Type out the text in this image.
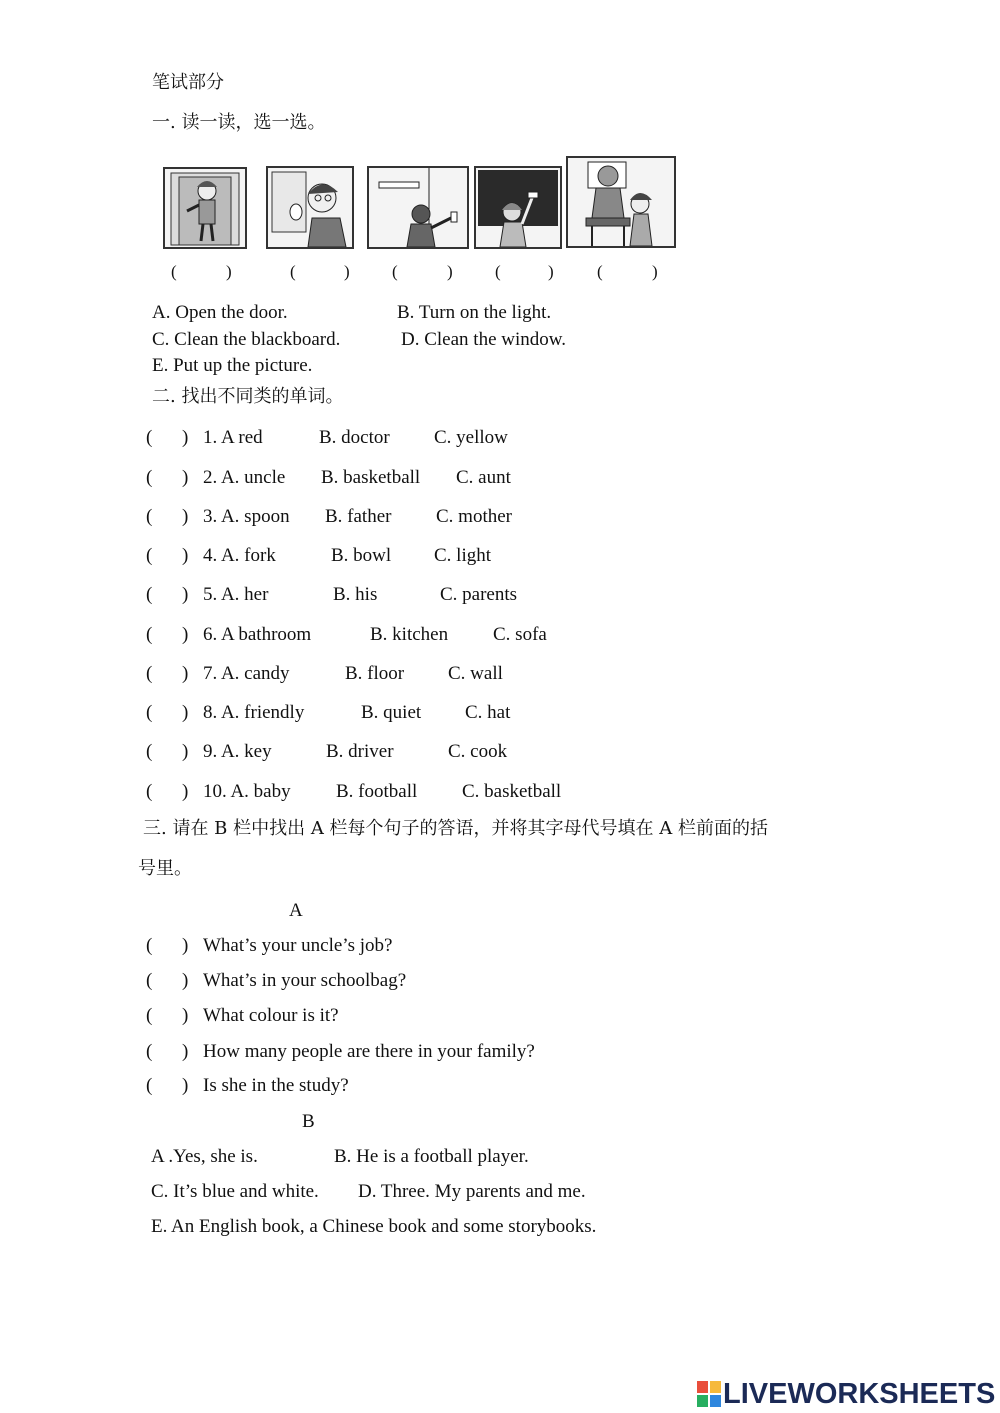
笔试部分
一. 读一读，选一选。
(	)	(	) (	) (	)	(	)
A. Open the door.	B. Turn on the light.
C. Clean the blackboard.	D. Clean the window.
E. Put up the picture.
二. 找出不同类的单词。
( ) 1. A red	B. doctor C. yellow
( ) 2. A. uncle B. basketball C. aunt
( ) 3. A. spoon B. father C. mother
( ) 4. A. fork	B. bowl C. light
( ) 5. A. her	B. his	C. parents
( ) 6. A bathroom	B. kitchen C. sofa
( ) 7. A. candy	B. floor C. wall
( ) 8. A. friendly	B. quiet C. hat
( ) 9. A. key	B. driver	C. cook
( ) 10. A. baby B. football C. basketball
三. 请在 B 栏中找出 A 栏每个句子的答语，并将其字母代号填在 A 栏前面的括
号里。
A
( ) What’s your uncle’s job?
( ) What’s in your schoolbag?
( ) What colour is it?
( ) How many people are there in your family?
( ) Is she in the study?
B
A .Yes, she is.	B. He is a football player.
C. It’s blue and white. D. Three. My parents and me.
E. An English book, a Chinese book and some storybooks.
LIVEWORKSHEETS
